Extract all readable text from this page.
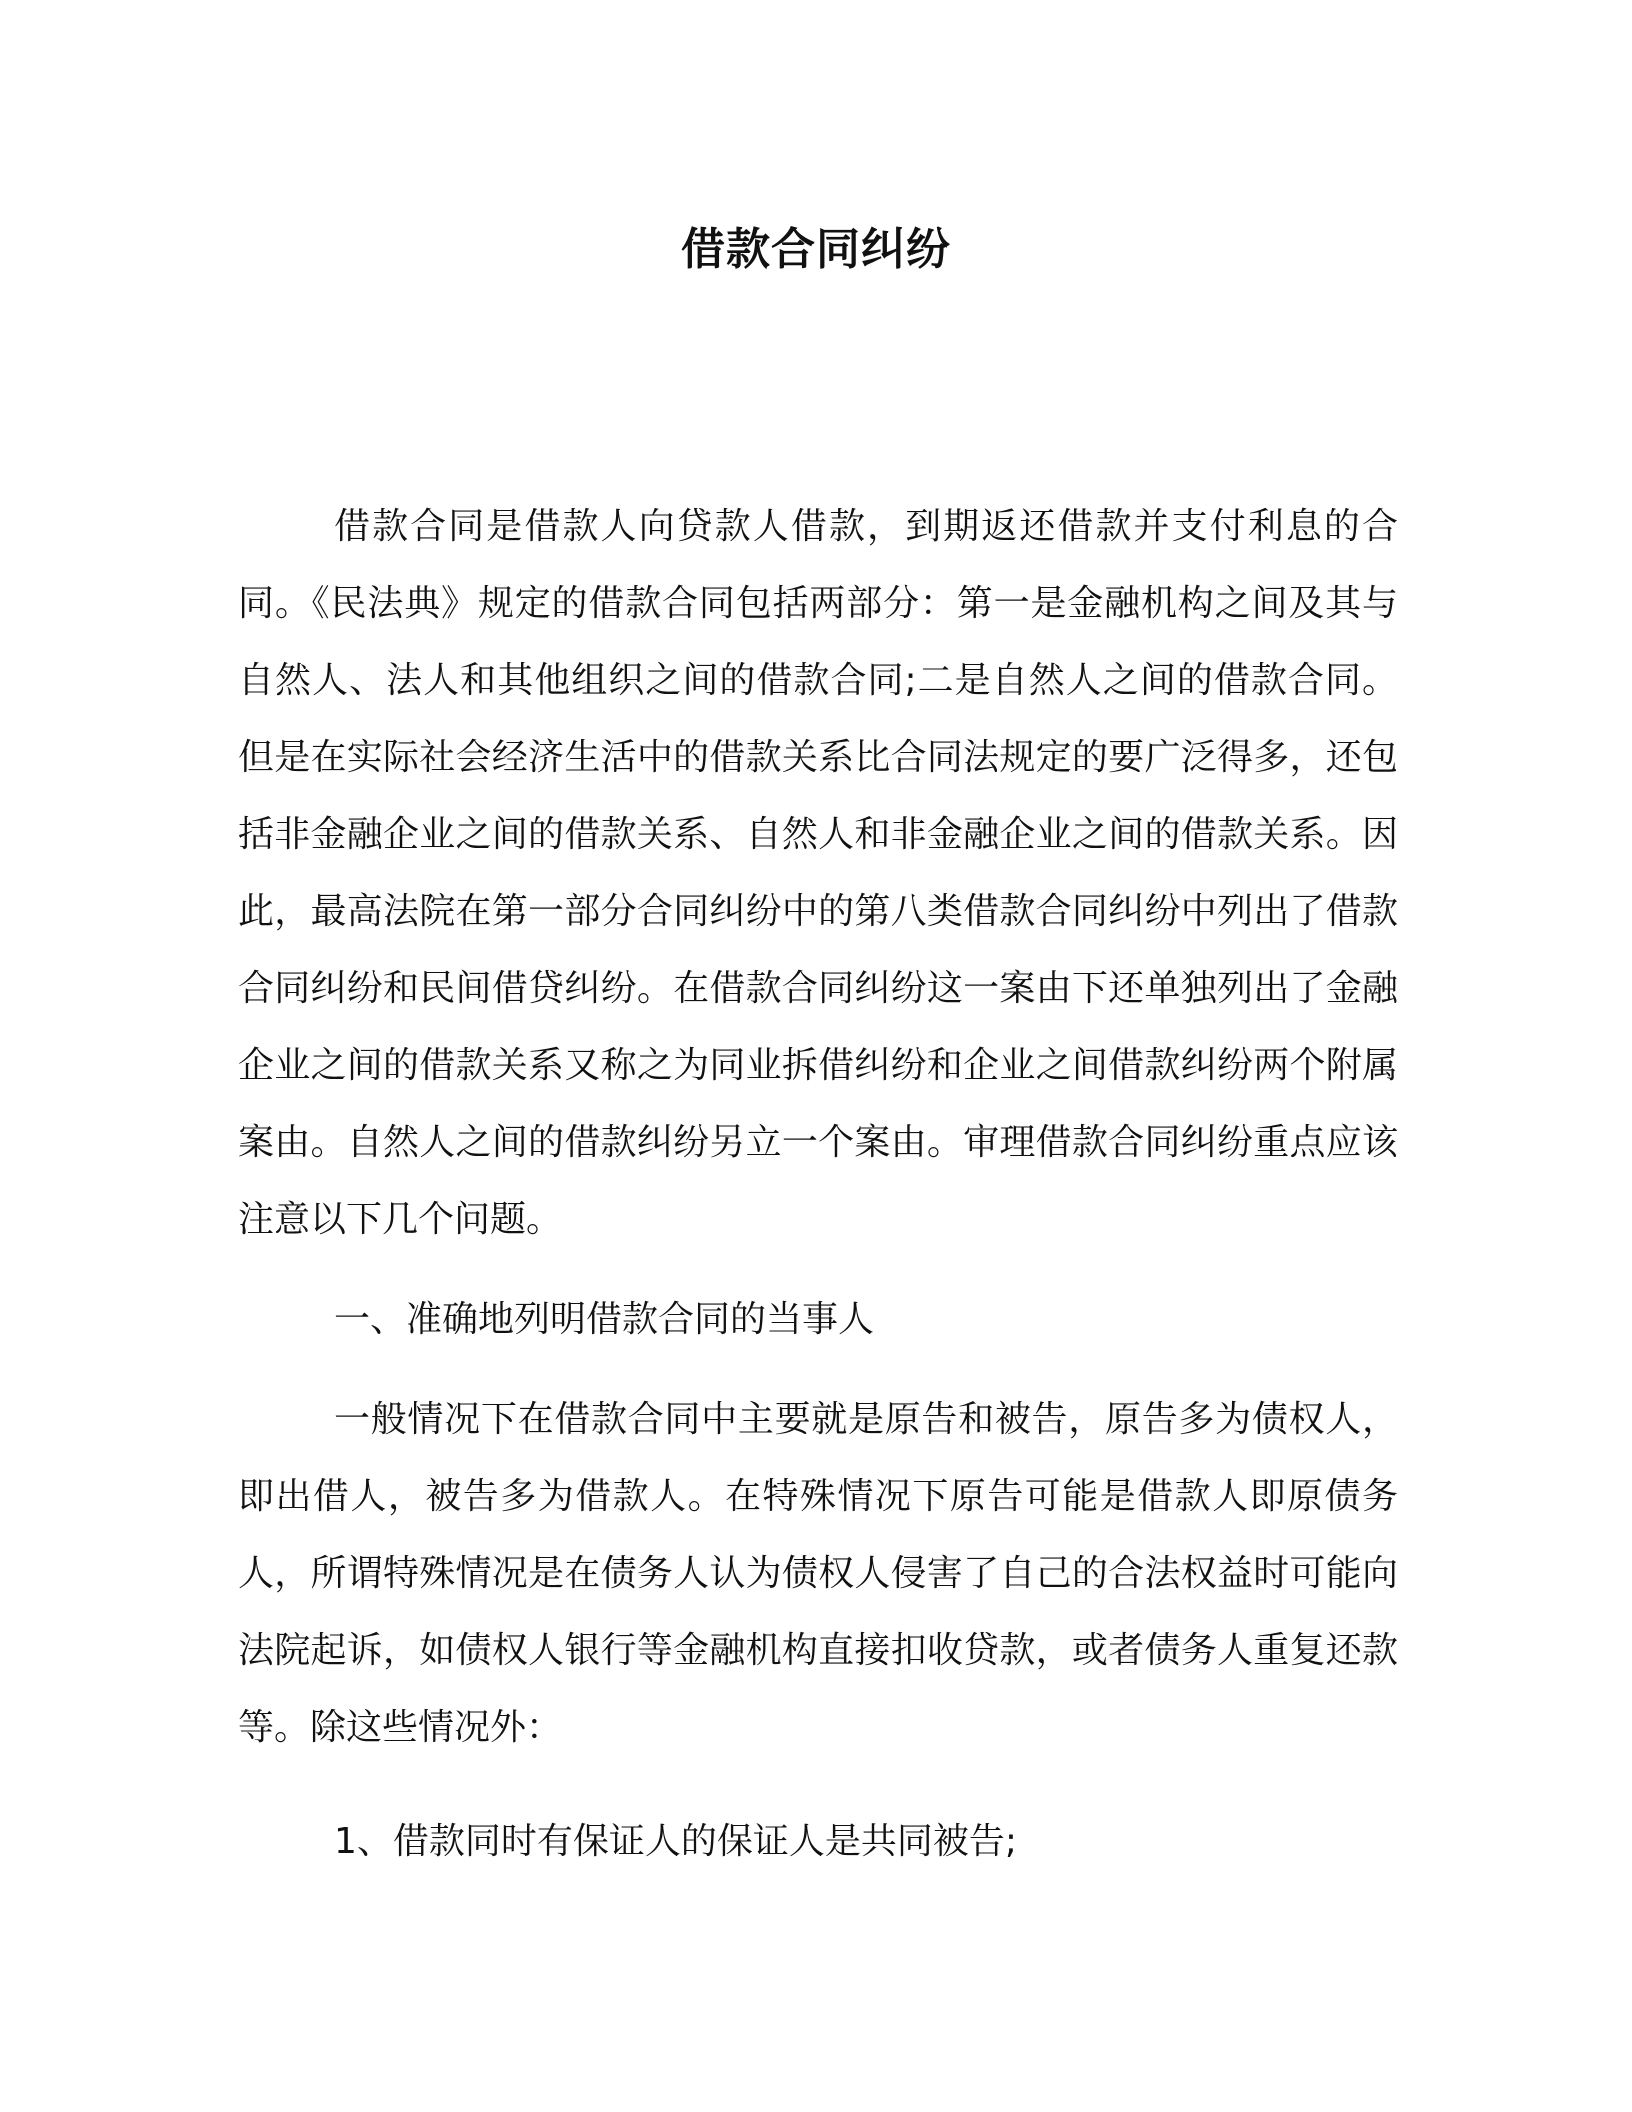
借款合同纠纷

借款合同是借款人向贷款人借款，到期返还借款并支付利息的合同。《民法典》规定的借款合同包括两部分：第一是金融机构之间及其与自然人、法人和其他组织之间的借款合同;二是自然人之间的借款合同。但是在实际社会经济生活中的借款关系比合同法规定的要广泛得多，还包括非金融企业之间的借款关系、自然人和非金融企业之间的借款关系。因此，最高法院在第一部分合同纠纷中的第八类借款合同纠纷中列出了借款合同纠纷和民间借贷纠纷。在借款合同纠纷这一案由下还单独列出了金融企业之间的借款关系又称之为同业拆借纠纷和企业之间借款纠纷两个附属案由。自然人之间的借款纠纷另立一个案由。审理借款合同纠纷重点应该注意以下几个问题。

一、准确地列明借款合同的当事人

一般情况下在借款合同中主要就是原告和被告，原告多为债权人，即出借人，被告多为借款人。在特殊情况下原告可能是借款人即原债务人，所谓特殊情况是在债务人认为债权人侵害了自己的合法权益时可能向法院起诉，如债权人银行等金融机构直接扣收贷款，或者债务人重复还款等。除这些情况外：

1、借款同时有保证人的保证人是共同被告;
